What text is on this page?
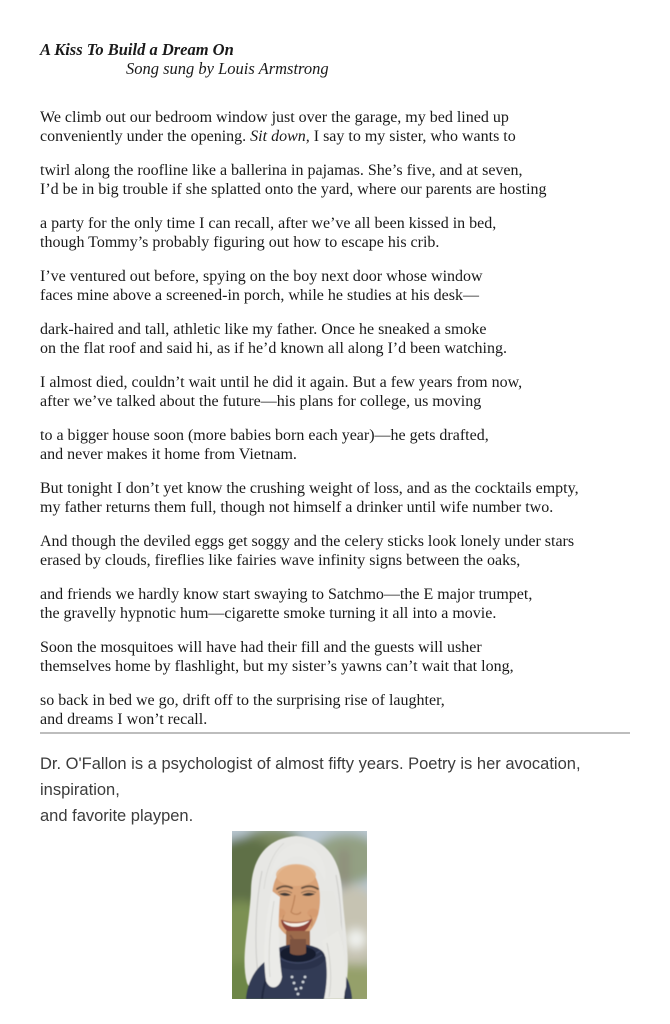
A Kiss To Build a Dream On
Song sung by Louis Armstrong

We climb out our bedroom window just over the garage, my bed lined up
conveniently under the opening. Sit down, I say to my sister, who wants to

twirl along the roofline like a ballerina in pajamas. She’s five, and at seven,
I’d be in big trouble if she splatted onto the yard, where our parents are hosting

a party for the only time I can recall, after we’ve all been kissed in bed,
though Tommy’s probably figuring out how to escape his crib.

I’ve ventured out before, spying on the boy next door whose window
faces mine above a screened-in porch, while he studies at his desk—

dark-haired and tall, athletic like my father. Once he sneaked a smoke
on the flat roof and said hi, as if he’d known all along I’d been watching.

I almost died, couldn’t wait until he did it again. But a few years from now,
after we’ve talked about the future—his plans for college, us moving

to a bigger house soon (more babies born each year)—he gets drafted,
and never makes it home from Vietnam.

But tonight I don’t yet know the crushing weight of loss, and as the cocktails empty,
my father returns them full, though not himself a drinker until wife number two.

And though the deviled eggs get soggy and the celery sticks look lonely under stars
erased by clouds, fireflies like fairies wave infinity signs between the oaks,

and friends we hardly know start swaying to Satchmo—the E major trumpet,
the gravelly hypnotic hum—cigarette smoke turning it all into a movie.

Soon the mosquitoes will have had their fill and the guests will usher
themselves home by flashlight, but my sister’s yawns can’t wait that long,

so back in bed we go, drift off to the surprising rise of laughter,
and dreams I won’t recall.

Dr. O'Fallon is a psychologist of almost fifty years. Poetry is her avocation, inspiration,
and favorite playpen.
